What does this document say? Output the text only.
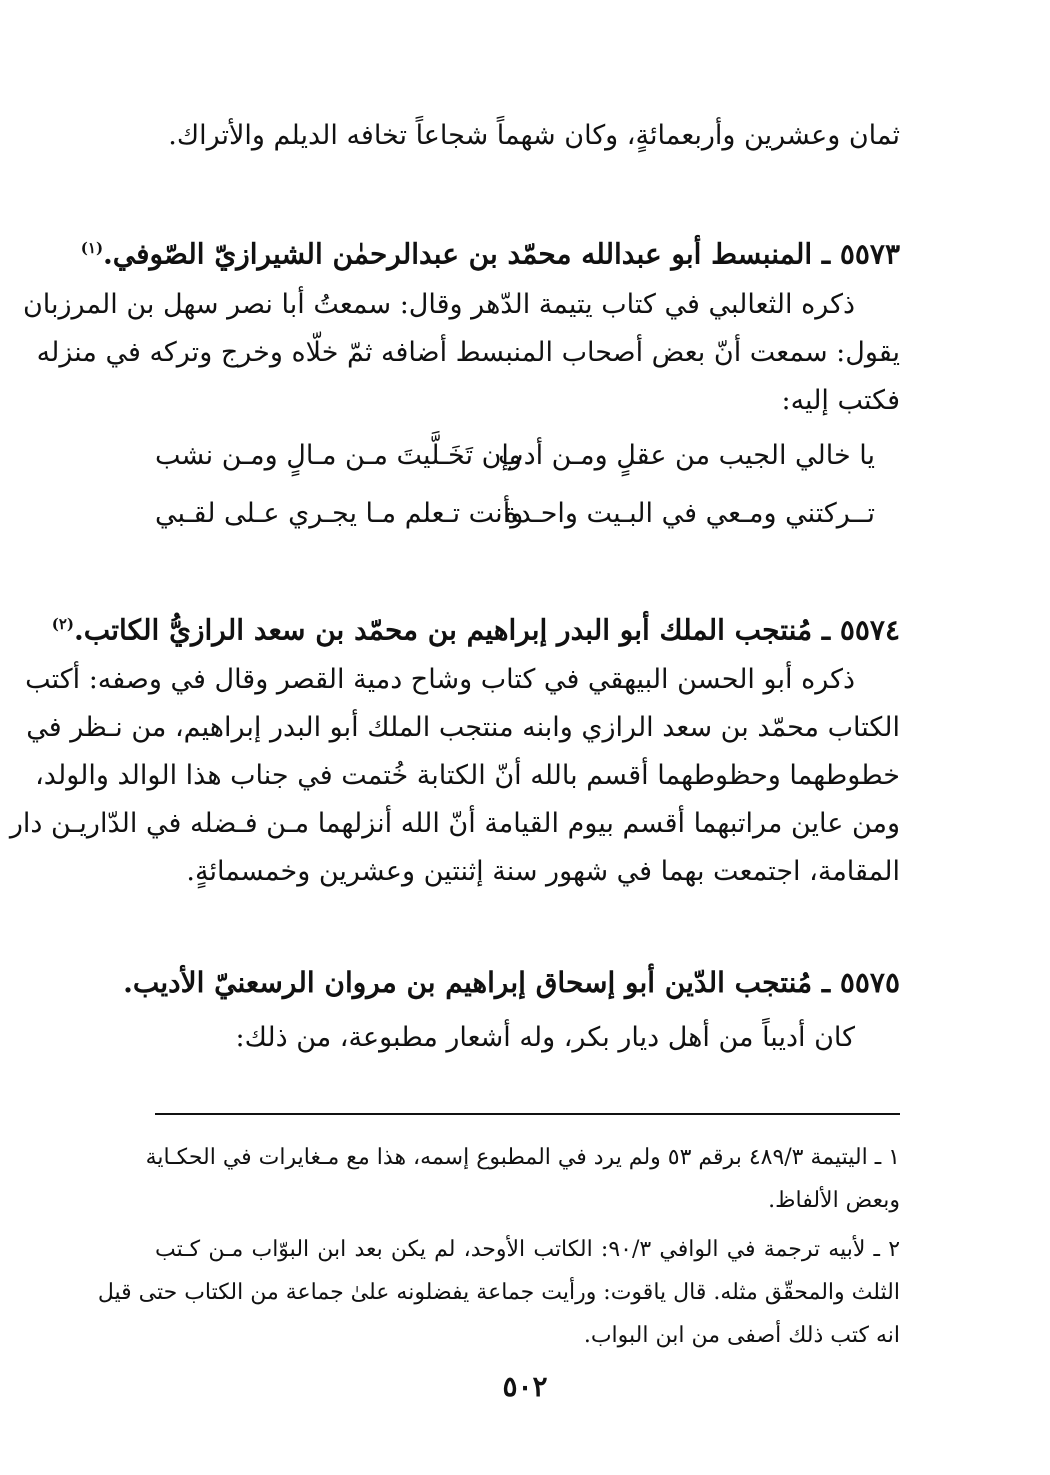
ثمان وعشرين وأربعمائةٍ، وكان شهماً شجاعاً تخافه الديلم والأتراك.
٥٥٧٣ ـ المنبسط أبو عبدالله محمّد بن عبدالرحمٰن الشيرازيّ الصّوفي.$^{(١)}$
ذكره الثعالبي في كتاب يتيمة الدّهر وقال: سمعتُ أبا نصر سهل بن المرزبان
يقول: سمعت أنّ بعض أصحاب المنبسط أضافه ثمّ خلّاه وخرج وتركه في منزله
فكتب إليه:
يا خالي الجيب من عقلٍ ومـن أدب
وإن تَخَـلَّيتَ مـن مـالٍ ومـن نشب
تــركتني ومـعي في البـيت واحـدة
وأنت تـعلم مـا يجـري عـلى لقـبي
٥٥٧٤ ـ مُنتجب الملك أبو البدر إبراهيم بن محمّد بن سعد الرازيُّ الكاتب.$^{(٢)}$
ذكره أبو الحسن البيهقي في كتاب وشاح دمية القصر وقال في وصفه: أكتب
الكتاب محمّد بن سعد الرازي وابنه منتجب الملك أبو البدر إبراهيم، من نـظر في
خطوطهما وحظوطهما أقسم بالله أنّ الكتابة خُتمت في جناب هذا الوالد والولد،
ومن عاين مراتبهما أقسم بيوم القيامة أنّ الله أنزلهما مـن فـضله في الدّاريـن دار
المقامة، اجتمعت بهما في شهور سنة إثنتين وعشرين وخمسمائةٍ.
٥٥٧٥ ـ مُنتجب الدّين أبو إسحاق إبراهيم بن مروان الرسعنيّ الأديب.
كان أديباً من أهل ديار بكر، وله أشعار مطبوعة، من ذلك:
١ ـ اليتيمة ٤٨٩/٣ برقم ٥٣ ولم يرد في المطبوع إسمه، هذا مع مـغايرات في الحكـاية
وبعض الألفاظ.
٢ ـ لأبيه ترجمة في الوافي ٩٠/٣: الكاتب الأوحد، لم يكن بعد ابن البوّاب مـن كـتب
الثلث والمحقّق مثله. قال ياقوت: ورأيت جماعة يفضلونه علىٰ جماعة من الكتاب حتى قيل
انه كتب ذلك أصفى من ابن البواب.
٥٠٢
